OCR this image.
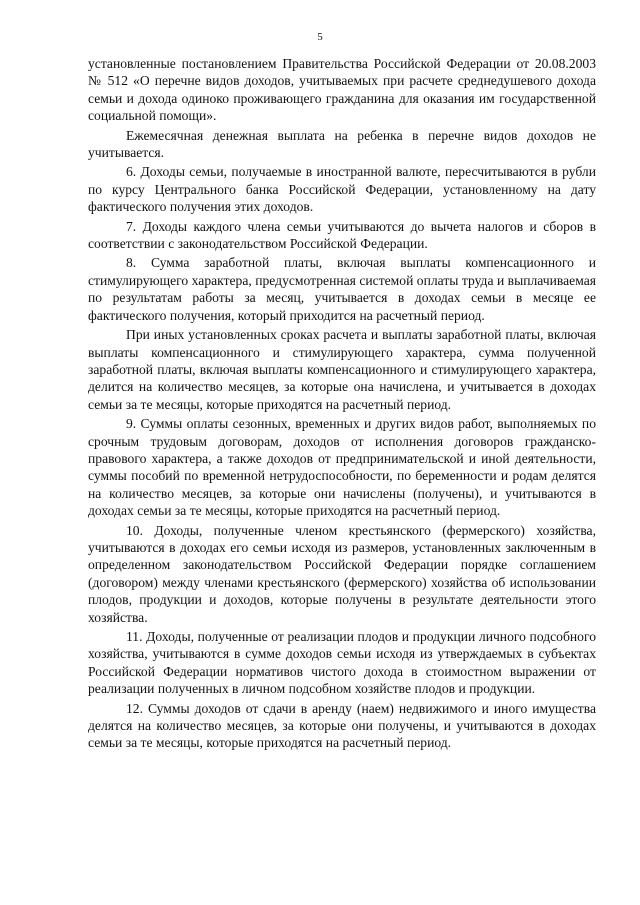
5

установленные постановлением Правительства Российской Федерации от 20.08.2003 № 512 «О перечне видов доходов, учитываемых при расчете среднедушевого дохода семьи и дохода одиноко проживающего гражданина для оказания им государственной социальной помощи».

Ежемесячная денежная выплата на ребенка в перечне видов доходов не учитывается.

6. Доходы семьи, получаемые в иностранной валюте, пересчитываются в рубли по курсу Центрального банка Российской Федерации, установленному на дату фактического получения этих доходов.

7. Доходы каждого члена семьи учитываются до вычета налогов и сборов в соответствии с законодательством Российской Федерации.

8. Сумма заработной платы, включая выплаты компенсационного и стимулирующего характера, предусмотренная системой оплаты труда и выплачиваемая по результатам работы за месяц, учитывается в доходах семьи в месяце ее фактического получения, который приходится на расчетный период.

При иных установленных сроках расчета и выплаты заработной платы, включая выплаты компенсационного и стимулирующего характера, сумма полученной заработной платы, включая выплаты компенсационного и стимулирующего характера, делится на количество месяцев, за которые она начислена, и учитывается в доходах семьи за те месяцы, которые приходятся на расчетный период.

9. Суммы оплаты сезонных, временных и других видов работ, выполняемых по срочным трудовым договорам, доходов от исполнения договоров гражданско-правового характера, а также доходов от предпринимательской и иной деятельности, суммы пособий по временной нетрудоспособности, по беременности и родам делятся на количество месяцев, за которые они начислены (получены), и учитываются в доходах семьи за те месяцы, которые приходятся на расчетный период.

10. Доходы, полученные членом крестьянского (фермерского) хозяйства, учитываются в доходах его семьи исходя из размеров, установленных заключенным в определенном законодательством Российской Федерации порядке соглашением (договором) между членами крестьянского (фермерского) хозяйства об использовании плодов, продукции и доходов, которые получены в результате деятельности этого хозяйства.

11. Доходы, полученные от реализации плодов и продукции личного подсобного хозяйства, учитываются в сумме доходов семьи исходя из утверждаемых в субъектах Российской Федерации нормативов чистого дохода в стоимостном выражении от реализации полученных в личном подсобном хозяйстве плодов и продукции.

12. Суммы доходов от сдачи в аренду (наем) недвижимого и иного имущества делятся на количество месяцев, за которые они получены, и учитываются в доходах семьи за те месяцы, которые приходятся на расчетный период.
